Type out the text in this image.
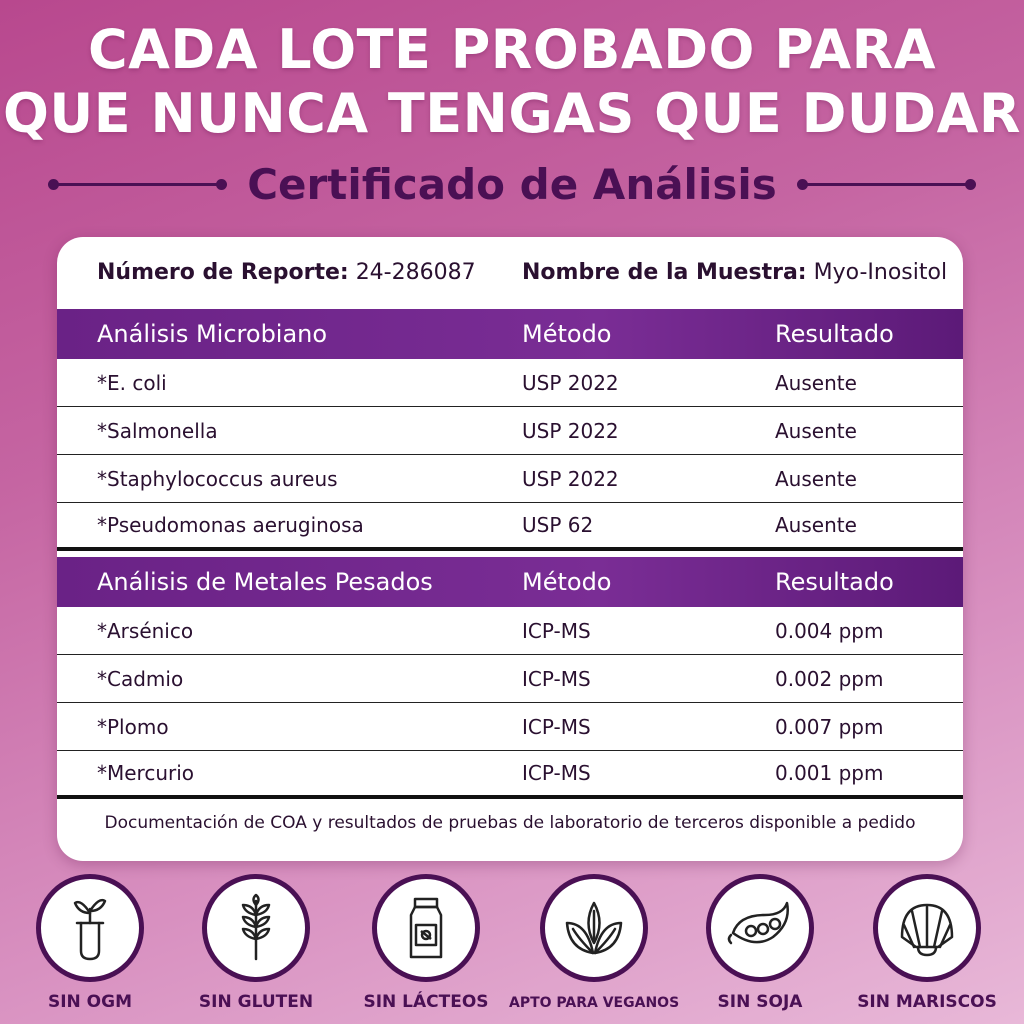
CADA LOTE PROBADO PARA
QUE NUNCA TENGAS QUE DUDAR
Certificado de Análisis
Número de Reporte: 24-286087 Nombre de la Muestra: Myo-Inositol
Análisis Microbiano	Método	Resultado
*E. coli	USP 2022	Ausente
*Salmonella	USP 2022	Ausente
*Staphylococcus aureus	USP 2022	Ausente
*Pseudomonas aeruginosa	USP 62	Ausente
Análisis de Metales Pesados	Método	Resultado
*Arsénico	ICP-MS	0.004 ppm
*Cadmio	ICP-MS	0.002 ppm
*Plomo	ICP-MS	0.007 ppm
*Mercurio	ICP-MS	0.001 ppm
Documentación de COA y resultados de pruebas de laboratorio de terceros disponible a pedido
SIN OGM	SIN GLUTEN	SIN LÁCTEOS	APTO PARA VEGANOS	SIN SOJA	SIN MARISCOS
